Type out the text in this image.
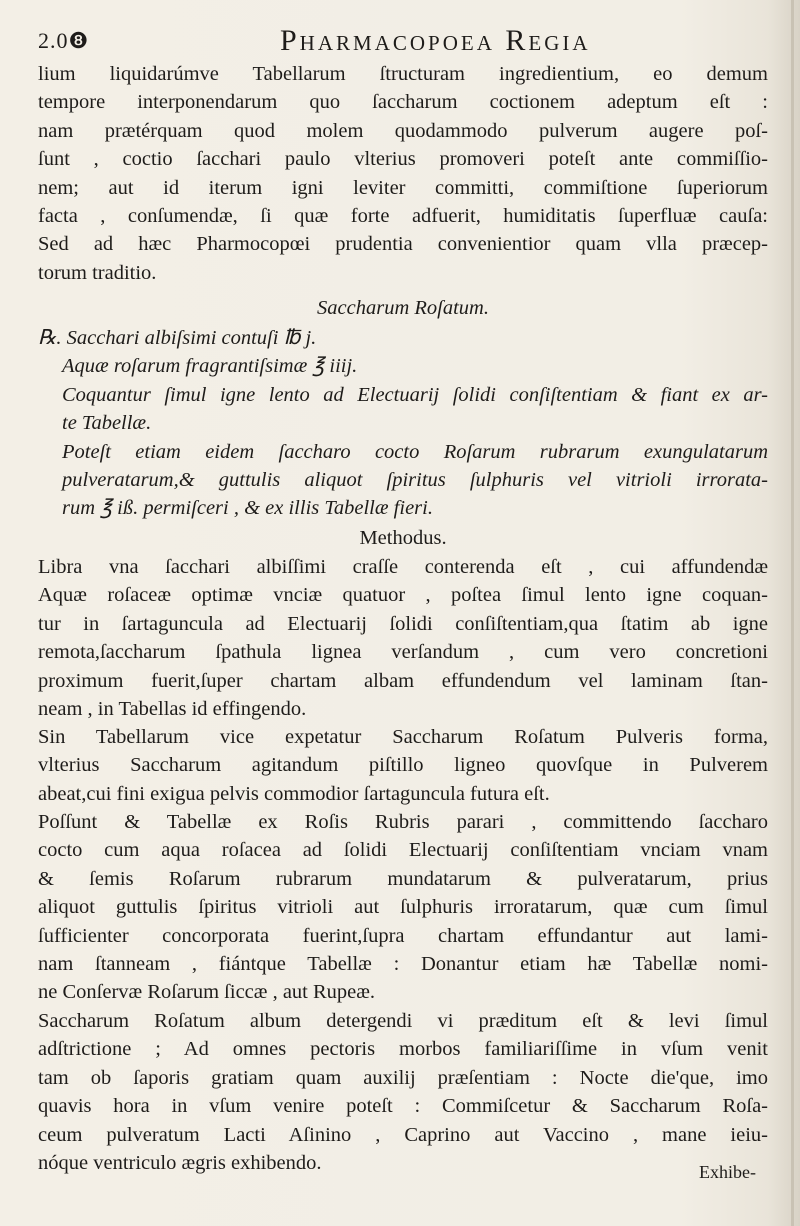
2.0❽	Pharmacopoea Regia
lium liquidarúmve Tabellarum ſtructuram ingredientium, eo demum
tempore interponendarum quo ſaccharum coctionem adeptum eſt :
nam prætérquam quod molem quodammodo pulverum augere poſ-
ſunt , coctio ſacchari paulo vlterius promoveri poteſt ante commiſſio-
nem; aut id iterum igni leviter committi, commiſtione ſuperiorum
facta , conſumendæ, ſi quæ forte adfuerit, humiditatis ſuperfluæ cauſa:
Sed ad hæc Pharmocopœi prudentia convenientior quam vlla præcep-
torum traditio.
Saccharum Roſatum.
℞. Sacchari albiſsimi contuſi ℔ j.
Aquæ roſarum fragrantiſsimæ ℥ iiij.
Coquantur ſimul igne lento ad Electuarij ſolidi conſiſtentiam & fiant ex ar-
te Tabellæ.
Poteſt etiam eidem ſaccharo cocto Roſarum rubrarum exungulatarum
pulveratarum,& guttulis aliquot ſpiritus ſulphuris vel vitrioli irrorata-
rum ℥ iß. permiſceri , & ex illis Tabellæ fieri.
Methodus.
Libra vna ſacchari albiſſimi craſſe conterenda eſt , cui affundendæ
Aquæ roſaceæ optimæ vnciæ quatuor , poſtea ſimul lento igne coquan-
tur in ſartaguncula ad Electuarij ſolidi conſiſtentiam,qua ſtatim ab igne
remota,ſaccharum ſpathula lignea verſandum , cum vero concretioni
proximum fuerit,ſuper chartam albam effundendum vel laminam ſtan-
neam , in Tabellas id effingendo.
Sin Tabellarum vice expetatur Saccharum Roſatum Pulveris forma,
vlterius Saccharum agitandum piſtillo ligneo quovſque in Pulverem
abeat,cui fini exigua pelvis commodior ſartaguncula futura eſt.
Poſſunt & Tabellæ ex Roſis Rubris parari , committendo ſaccharo
cocto cum aqua roſacea ad ſolidi Electuarij conſiſtentiam vnciam vnam
& ſemis Roſarum rubrarum mundatarum & pulveratarum, prius
aliquot guttulis ſpiritus vitrioli aut ſulphuris irroratarum, quæ cum ſimul
ſufficienter concorporata fuerint,ſupra chartam effundantur aut lami-
nam ſtanneam , fiántque Tabellæ : Donantur etiam hæ Tabellæ nomi-
ne Conſervæ Roſarum ſiccæ , aut Rupeæ.
Saccharum Roſatum album detergendi vi præditum eſt & levi ſimul
adſtrictione ; Ad omnes pectoris morbos familiariſſime in vſum venit
tam ob ſaporis gratiam quam auxilij præſentiam : Nocte die'que, imo
quavis hora in vſum venire poteſt : Commiſcetur & Saccharum Roſa-
ceum pulveratum Lacti Aſinino , Caprino aut Vaccino , mane ieiu-
nóque ventriculo ægris exhibendo.	Exhibe-
